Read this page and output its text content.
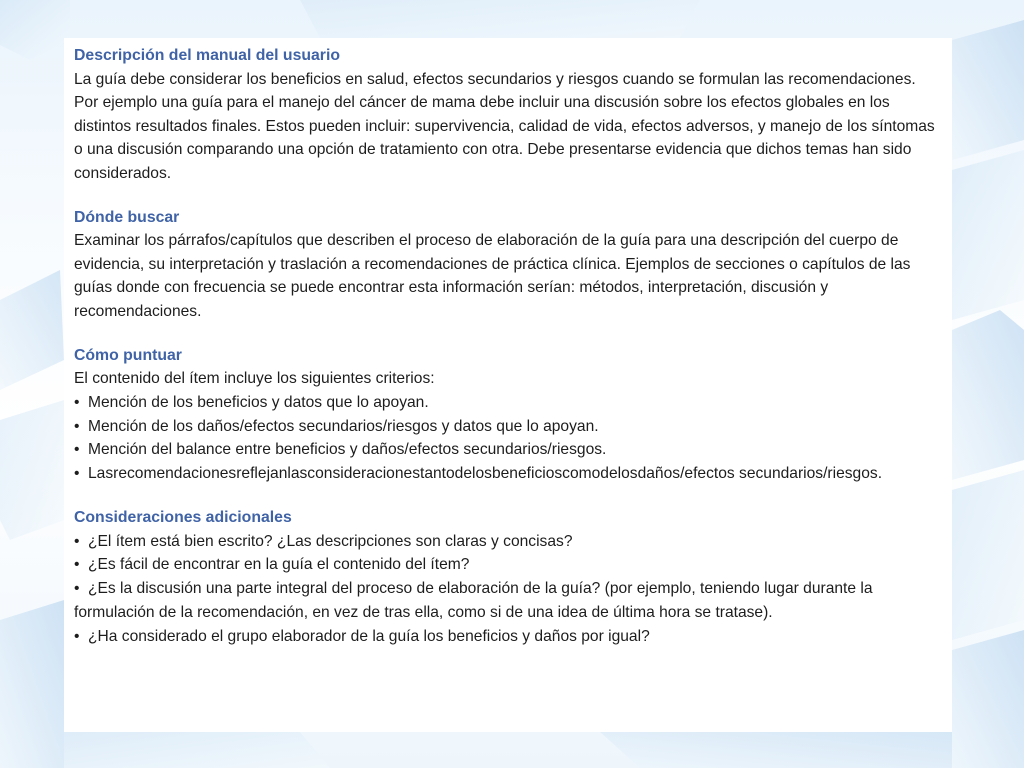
Descripción del manual del usuario

La guía debe considerar los beneficios en salud, efectos secundarios y riesgos cuando se formulan las recomendaciones. Por ejemplo una guía para el manejo del cáncer de mama debe incluir una discusión sobre los efectos globales en los distintos resultados finales. Estos pueden incluir: supervivencia, calidad de vida, efectos adversos, y manejo de los síntomas o una discusión comparando una opción de tratamiento con otra. Debe presentarse evidencia que dichos temas han sido considerados.

Dónde buscar

Examinar los párrafos/capítulos que describen el proceso de elaboración de la guía para una descripción del cuerpo de evidencia, su interpretación y traslación a recomendaciones de práctica clínica. Ejemplos de secciones o capítulos de las guías donde con frecuencia se puede encontrar esta información serían: métodos, interpretación, discusión y recomendaciones.

Cómo puntuar

El contenido del ítem incluye los siguientes criterios:

• Mención de los beneficios y datos que lo apoyan.
• Mención de los daños/efectos secundarios/riesgos y datos que lo apoyan.
• Mención del balance entre beneficios y daños/efectos secundarios/riesgos.
• Lasrecomendacionesreflejanlasconsideracionestantodelosbeneficioscomodelosdaños/efectos secundarios/riesgos.

Consideraciones adicionales

• ¿El ítem está bien escrito? ¿Las descripciones son claras y concisas?
• ¿Es fácil de encontrar en la guía el contenido del ítem?
• ¿Es la discusión una parte integral del proceso de elaboración de la guía? (por ejemplo, teniendo lugar durante la formulación de la recomendación, en vez de tras ella, como si de una idea de última hora se tratase).
• ¿Ha considerado el grupo elaborador de la guía los beneficios y daños por igual?
